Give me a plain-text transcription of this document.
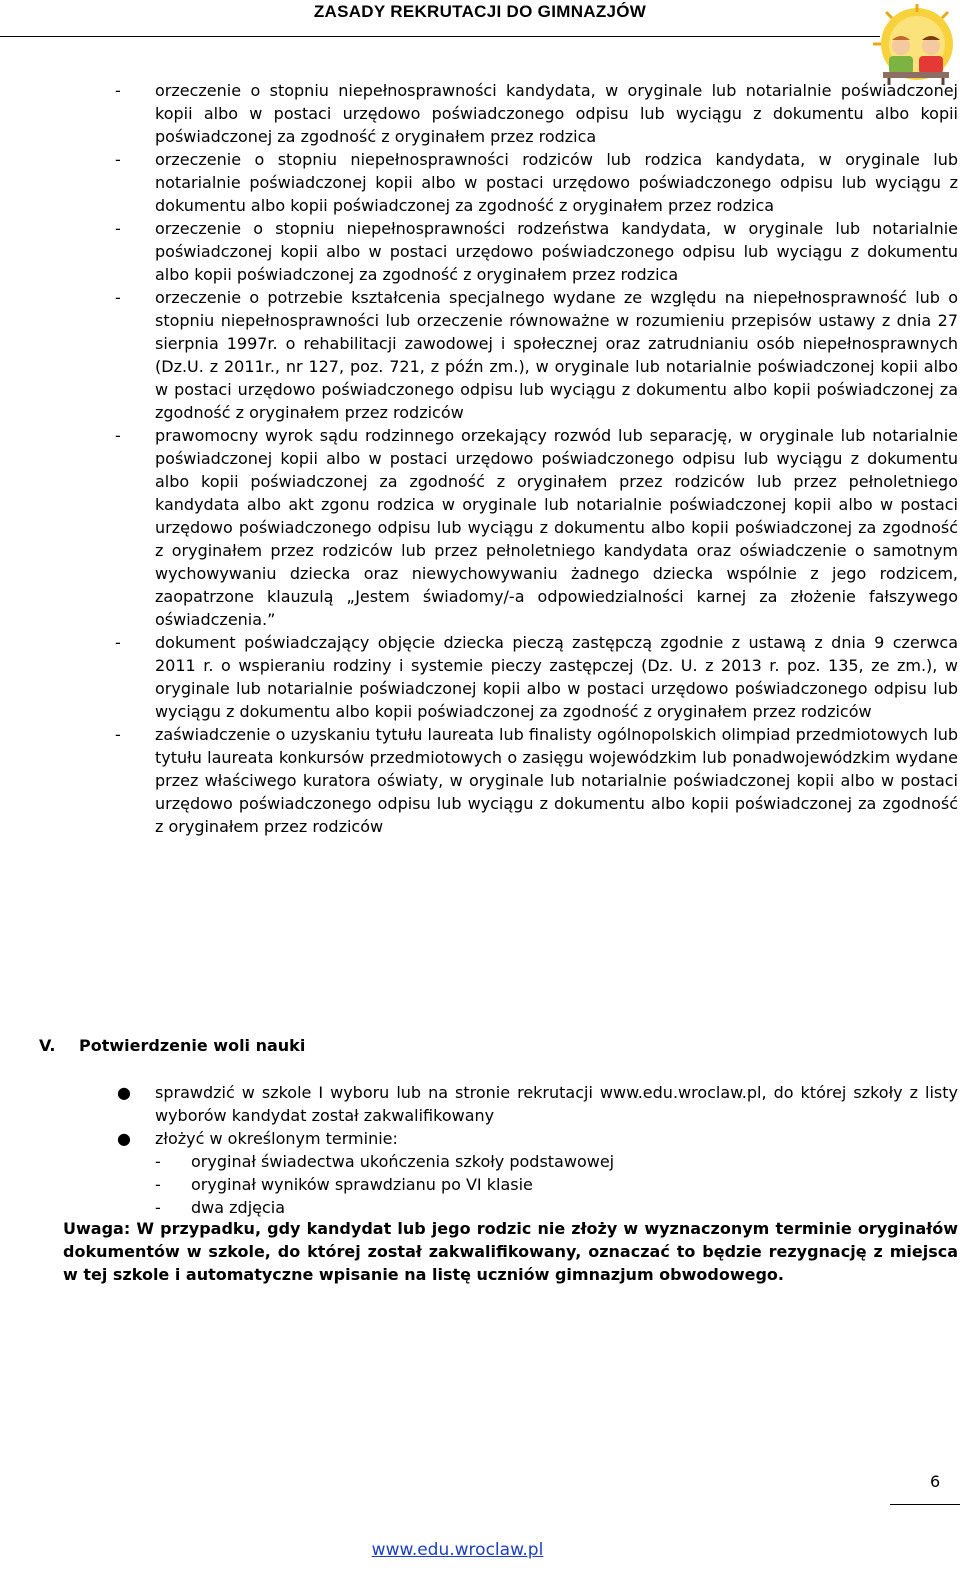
ZASADY REKRUTACJI DO GIMNAZJÓW
- orzeczenie o stopniu niepełnosprawności kandydata, w oryginale lub notarialnie poświadczonej kopii albo w postaci urzędowo poświadczonego odpisu lub wyciągu z dokumentu albo kopii poświadczonej za zgodność z oryginałem przez rodzica
- orzeczenie o stopniu niepełnosprawności rodziców lub rodzica kandydata, w oryginale lub notarialnie poświadczonej kopii albo w postaci urzędowo poświadczonego odpisu lub wyciągu z dokumentu albo kopii poświadczonej za zgodność z oryginałem przez rodzica
- orzeczenie o stopniu niepełnosprawności rodzeństwa kandydata, w oryginale lub notarialnie poświadczonej kopii albo w postaci urzędowo poświadczonego odpisu lub wyciągu z dokumentu albo kopii poświadczonej za zgodność z oryginałem przez rodzica
- orzeczenie o potrzebie kształcenia specjalnego wydane ze względu na niepełnosprawność lub o stopniu niepełnosprawności lub orzeczenie równoważne w rozumieniu przepisów ustawy z dnia 27 sierpnia 1997r. o rehabilitacji zawodowej i społecznej oraz zatrudnianiu osób niepełnosprawnych (Dz.U. z 2011r., nr 127, poz. 721, z późn zm.), w oryginale lub notarialnie poświadczonej kopii albo w postaci urzędowo poświadczonego odpisu lub wyciągu z dokumentu albo kopii poświadczonej za zgodność z oryginałem przez rodziców
- prawomocny wyrok sądu rodzinnego orzekający rozwód lub separację, w oryginale lub notarialnie poświadczonej kopii albo w postaci urzędowo poświadczonego odpisu lub wyciągu z dokumentu albo kopii poświadczonej za zgodność z oryginałem przez rodziców lub przez pełnoletniego kandydata albo akt zgonu rodzica w oryginale lub notarialnie poświadczonej kopii albo w postaci urzędowo poświadczonego odpisu lub wyciągu z dokumentu albo kopii poświadczonej za zgodność z oryginałem przez rodziców lub przez pełnoletniego kandydata oraz oświadczenie o samotnym wychowywaniu dziecka oraz niewychowywaniu żadnego dziecka wspólnie z jego rodzicem, zaopatrzone klauzulą „Jestem świadomy/-a odpowiedzialności karnej za złożenie fałszywego oświadczenia.”
- dokument poświadczający objęcie dziecka pieczą zastępczą zgodnie z ustawą z dnia 9 czerwca 2011 r. o wspieraniu rodziny i systemie pieczy zastępczej (Dz. U. z 2013 r. poz. 135, ze zm.), w oryginale lub notarialnie poświadczonej kopii albo w postaci urzędowo poświadczonego odpisu lub wyciągu z dokumentu albo kopii poświadczonej za zgodność z oryginałem przez rodziców
- zaświadczenie o uzyskaniu tytułu laureata lub finalisty ogólnopolskich olimpiad przedmiotowych lub tytułu laureata konkursów przedmiotowych o zasięgu wojewódzkim lub ponadwojewódzkim wydane przez właściwego kuratora oświaty, w oryginale lub notarialnie poświadczonej kopii albo w postaci urzędowo poświadczonego odpisu lub wyciągu z dokumentu albo kopii poświadczonej za zgodność z oryginałem przez rodziców
V. Potwierdzenie woli nauki
● sprawdzić w szkole I wyboru lub na stronie rekrutacji www.edu.wroclaw.pl, do której szkoły z listy wyborów kandydat został zakwalifikowany
● złożyć w określonym terminie:
- oryginał świadectwa ukończenia szkoły podstawowej
- oryginał wyników sprawdzianu po VI klasie
- dwa zdjęcia
Uwaga: W przypadku, gdy kandydat lub jego rodzic nie złoży w wyznaczonym terminie oryginałów dokumentów w szkole, do której został zakwalifikowany, oznaczać to będzie rezygnację z miejsca w tej szkole i automatyczne wpisanie na listę uczniów gimnazjum obwodowego.
6
www.edu.wroclaw.pl
